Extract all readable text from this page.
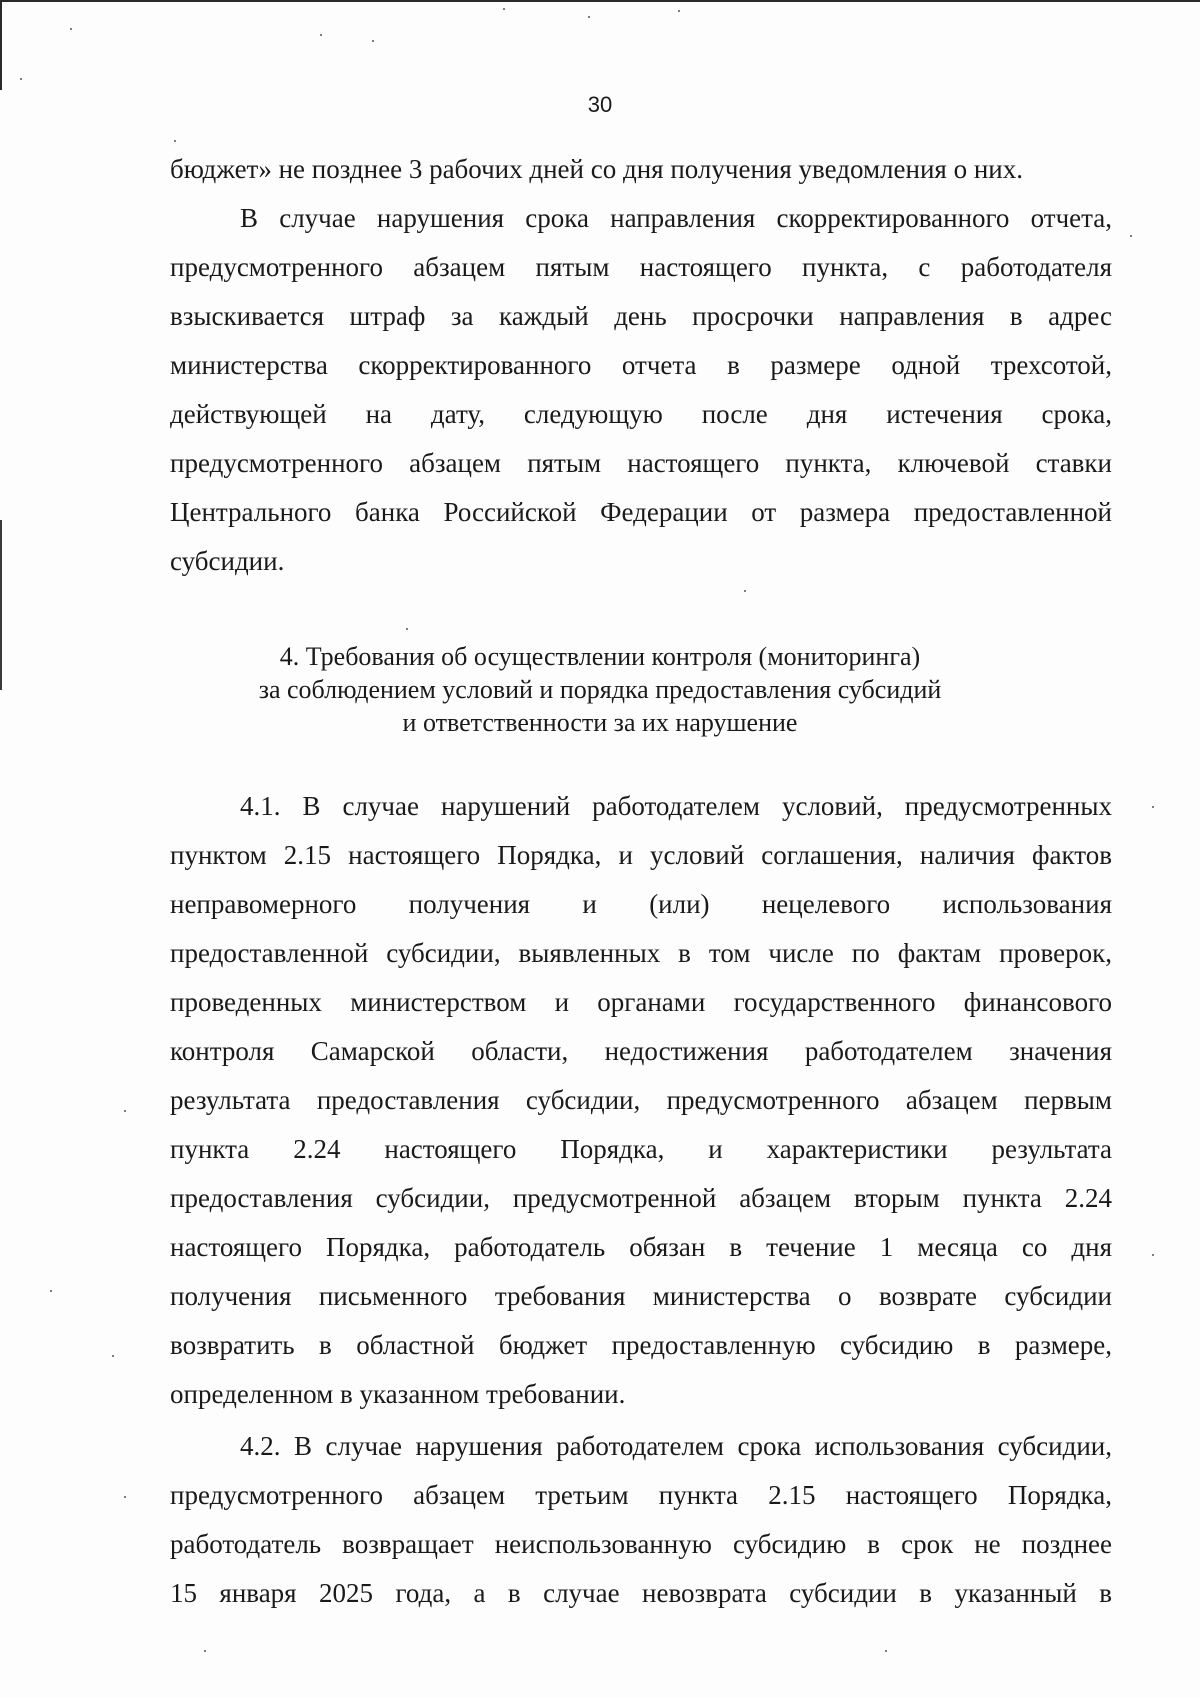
30
бюджет» не позднее 3 рабочих дней со дня получения уведомления о них.
В случае нарушения срока направления скорректированного отчета,
предусмотренного абзацем пятым настоящего пункта, с работодателя
взыскивается штраф за каждый день просрочки направления в адрес
министерства скорректированного отчета в размере одной трехсотой,
действующей на дату, следующую после дня истечения срока,
предусмотренного абзацем пятым настоящего пункта, ключевой ставки
Центрального банка Российской Федерации от размера предоставленной
субсидии.
4. Требования об осуществлении контроля (мониторинга)
за соблюдением условий и порядка предоставления субсидий
и ответственности за их нарушение
4.1. В случае нарушений работодателем условий, предусмотренных
пунктом 2.15 настоящего Порядка, и условий соглашения, наличия фактов
неправомерного получения и (или) нецелевого использования
предоставленной субсидии, выявленных в том числе по фактам проверок,
проведенных министерством и органами государственного финансового
контроля Самарской области, недостижения работодателем значения
результата предоставления субсидии, предусмотренного абзацем первым
пункта 2.24 настоящего Порядка, и характеристики результата
предоставления субсидии, предусмотренной абзацем вторым пункта 2.24
настоящего Порядка, работодатель обязан в течение 1 месяца со дня
получения письменного требования министерства о возврате субсидии
возвратить в областной бюджет предоставленную субсидию в размере,
определенном в указанном требовании.
4.2. В случае нарушения работодателем срока использования субсидии,
предусмотренного абзацем третьим пункта 2.15 настоящего Порядка,
работодатель возвращает неиспользованную субсидию в срок не позднее
15 января 2025 года, а в случае невозврата субсидии в указанный в
